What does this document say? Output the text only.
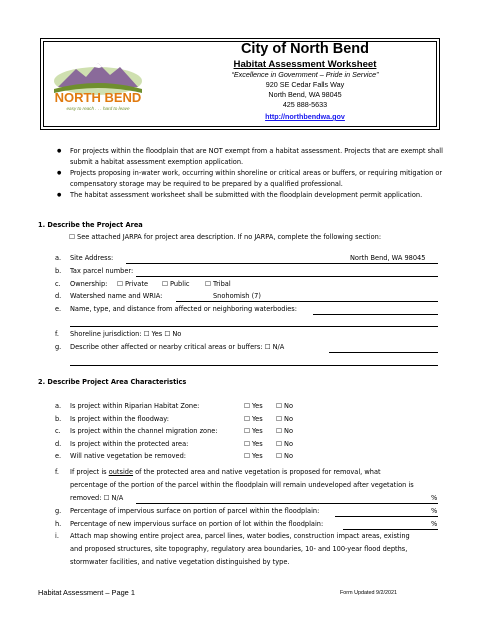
NORTH BEND
easy to reach . . . hard to leave
City of North Bend
Habitat Assessment Worksheet
“Excellence in Government – Pride in Service”
920 SE Cedar Falls Way
North Bend, WA 98045
425 888-5633
http://northbendwa.gov
● For projects within the floodplain that are NOT exempt from a habitat assessment. Projects that are exempt shall submit a habitat assessment exemption application.
● Projects proposing in-water work, occurring within shoreline or critical areas or buffers, or requiring mitigation or compensatory storage may be required to be prepared by a qualified professional.
● The habitat assessment worksheet shall be submitted with the floodplain development permit application.
1. Describe the Project Area
☐ See attached JARPA for project area description. If no JARPA, complete the following section:
a. Site Address:	North Bend, WA 98045
b. Tax parcel number:
c. Ownership: ☐ Private ☐ Public ☐ Tribal
d. Watershed name and WRIA:	Snohomish (7)
e. Name, type, and distance from affected or neighboring waterbodies:
f. Shoreline jurisdiction: ☐ Yes ☐ No
g. Describe other affected or nearby critical areas or buffers: ☐ N/A
2. Describe Project Area Characteristics
a. Is project within Riparian Habitat Zone:	☐ Yes ☐ No
b. Is project within the floodway:	☐ Yes ☐ No
c. Is project within the channel migration zone:	☐ Yes ☐ No
d. Is project within the protected area:	☐ Yes ☐ No
e. Will native vegetation be removed:	☐ Yes ☐ No
f. If project is outside of the protected area and native vegetation is proposed for removal, what
percentage of the portion of the parcel within the floodplain will remain undeveloped after vegetation is
removed: ☐ N/A	%
g. Percentage of impervious surface on portion of parcel within the floodplain:	%
h. Percentage of new impervious surface on portion of lot within the floodplain:	%
i. Attach map showing entire project area, parcel lines, water bodies, construction impact areas, existing
and proposed structures, site topography, regulatory area boundaries, 10- and 100-year flood depths,
stormwater facilities, and native vegetation distinguished by type.
Habitat Assessment – Page 1	Form Updated 9/2/2021
